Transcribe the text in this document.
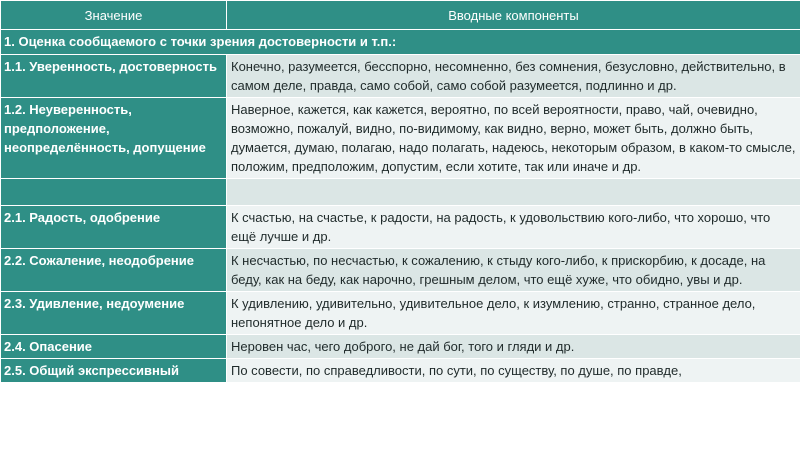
Значение	Вводные компоненты
1. Оценка сообщаемого с точки зрения достоверности и т.п.:	
1.1. Уверенность, достоверность	Конечно, разумеется, бесспорно, несомненно, без сомнения, безусловно, действительно, в самом деле, правда, само собой, само собой разумеется, подлинно и др.
1.2. Неуверенность, предположение, неопределённость, допущение	Наверное, кажется, как кажется, вероятно, по всей вероятности, право, чай, очевидно, возможно, пожалуй, видно, по-видимому, как видно, верно, может быть, должно быть, думается, думаю, полагаю, надо полагать, надеюсь, некоторым образом, в каком-то смысле, положим, предположим, допустим, если хотите, так или иначе и др.

2.1. Радость, одобрение	К счастью, на счастье, к радости, на радость, к удовольствию кого-либо, что хорошо, что ещё лучше и др.
2.2. Сожаление, неодобрение	К несчастью, по несчастью, к сожалению, к стыду кого-либо, к прискорбию, к досаде, на беду, как на беду, как нарочно, грешным делом, что ещё хуже, что обидно, увы и др.
2.3. Удивление, недоумение	К удивлению, удивительно, удивительное дело, к изумлению, странно, странное дело, непонятное дело и др.
2.4. Опасение	Неровен час, чего доброго, не дай бог, того и гляди и др.
2.5. Общий экспрессивный	По совести, по справедливости, по сути, по существу, по душе, по правде,
